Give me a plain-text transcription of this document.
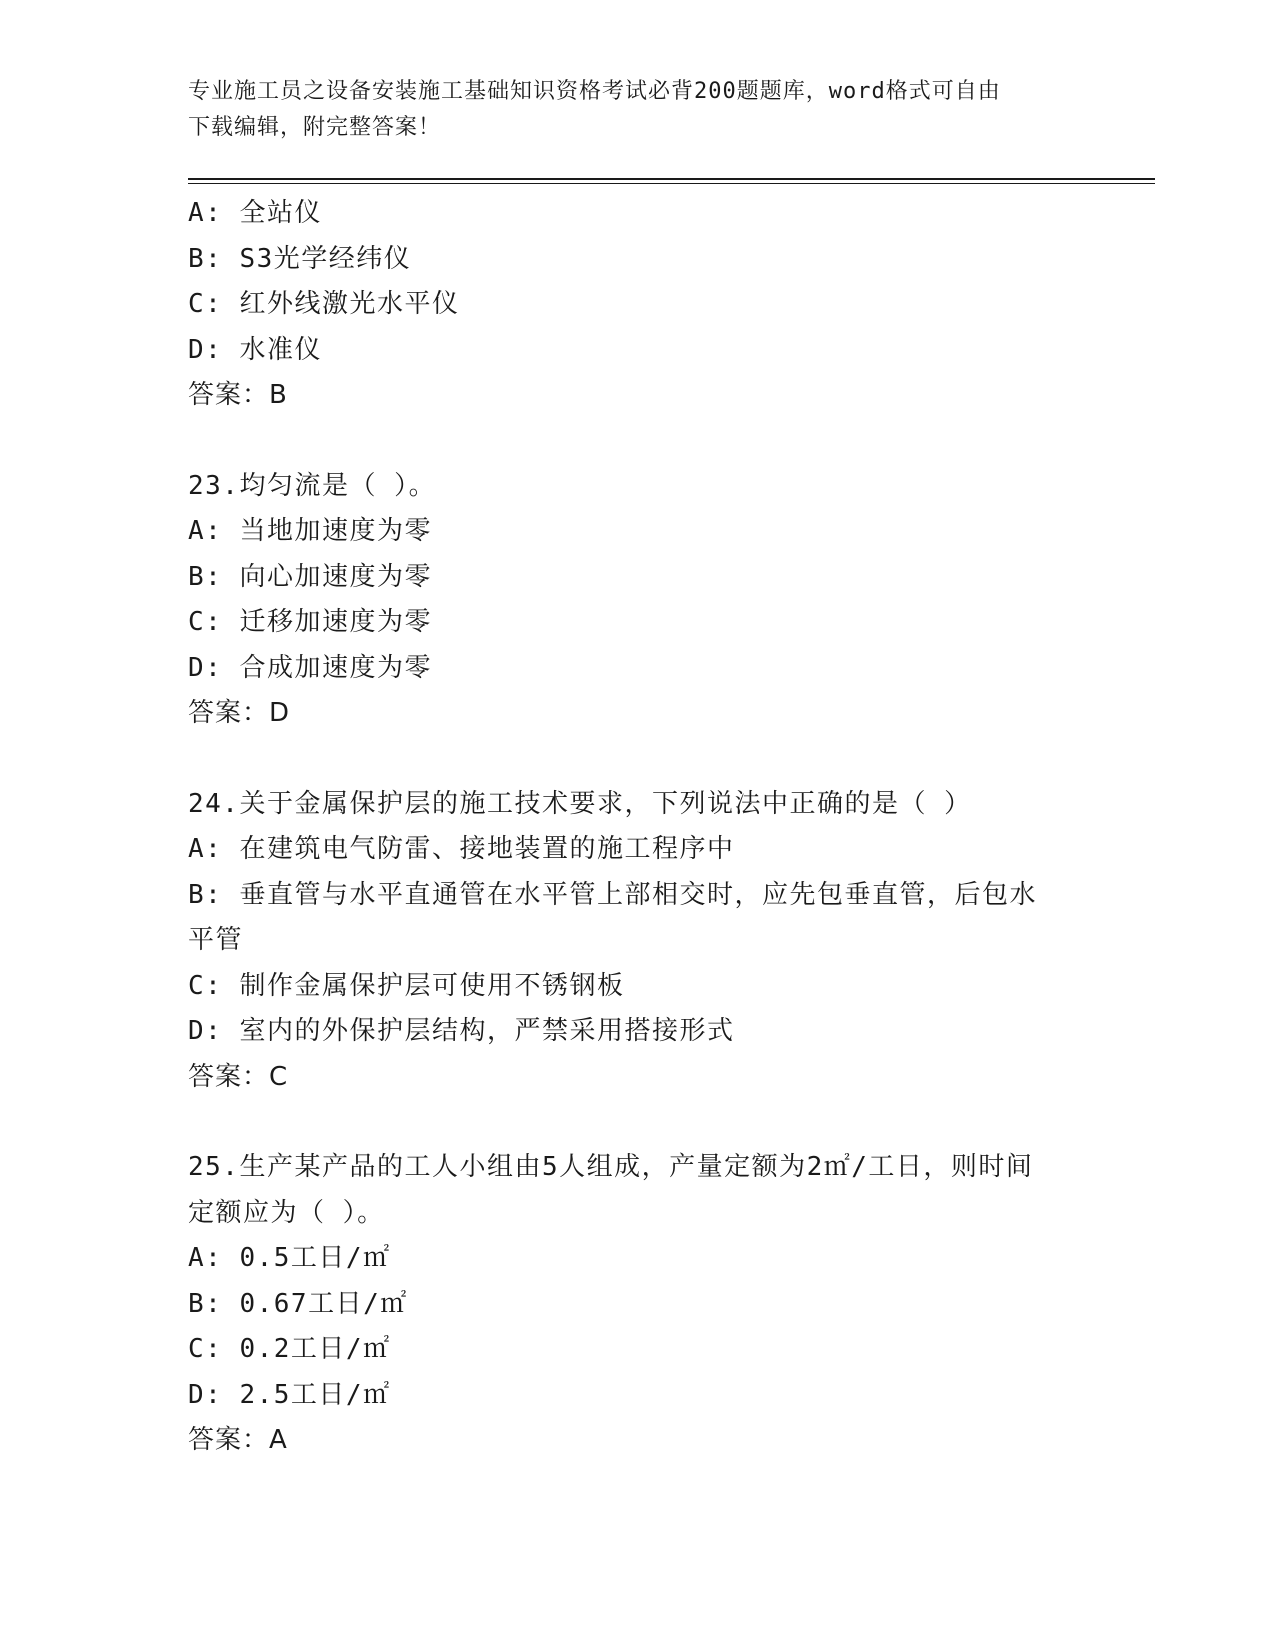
专业施工员之设备安装施工基础知识资格考试必背200题题库，word格式可自由
下载编辑，附完整答案！
A: 全站仪
B: S3光学经纬仪
C: 红外线激光水平仪
D: 水准仪
答案：B
23.均匀流是（ ）。
A: 当地加速度为零
B: 向心加速度为零
C: 迁移加速度为零
D: 合成加速度为零
答案：D
24.关于金属保护层的施工技术要求，下列说法中正确的是（ ）
A: 在建筑电气防雷、接地装置的施工程序中
B: 垂直管与水平直通管在水平管上部相交时，应先包垂直管，后包水
平管
C: 制作金属保护层可使用不锈钢板
D: 室内的外保护层结构，严禁采用搭接形式
答案：C
25.生产某产品的工人小组由5人组成，产量定额为2㎡/工日，则时间
定额应为（ ）。
A: 0.5工日/㎡
B: 0.67工日/㎡
C: 0.2工日/㎡
D: 2.5工日/㎡
答案：A
